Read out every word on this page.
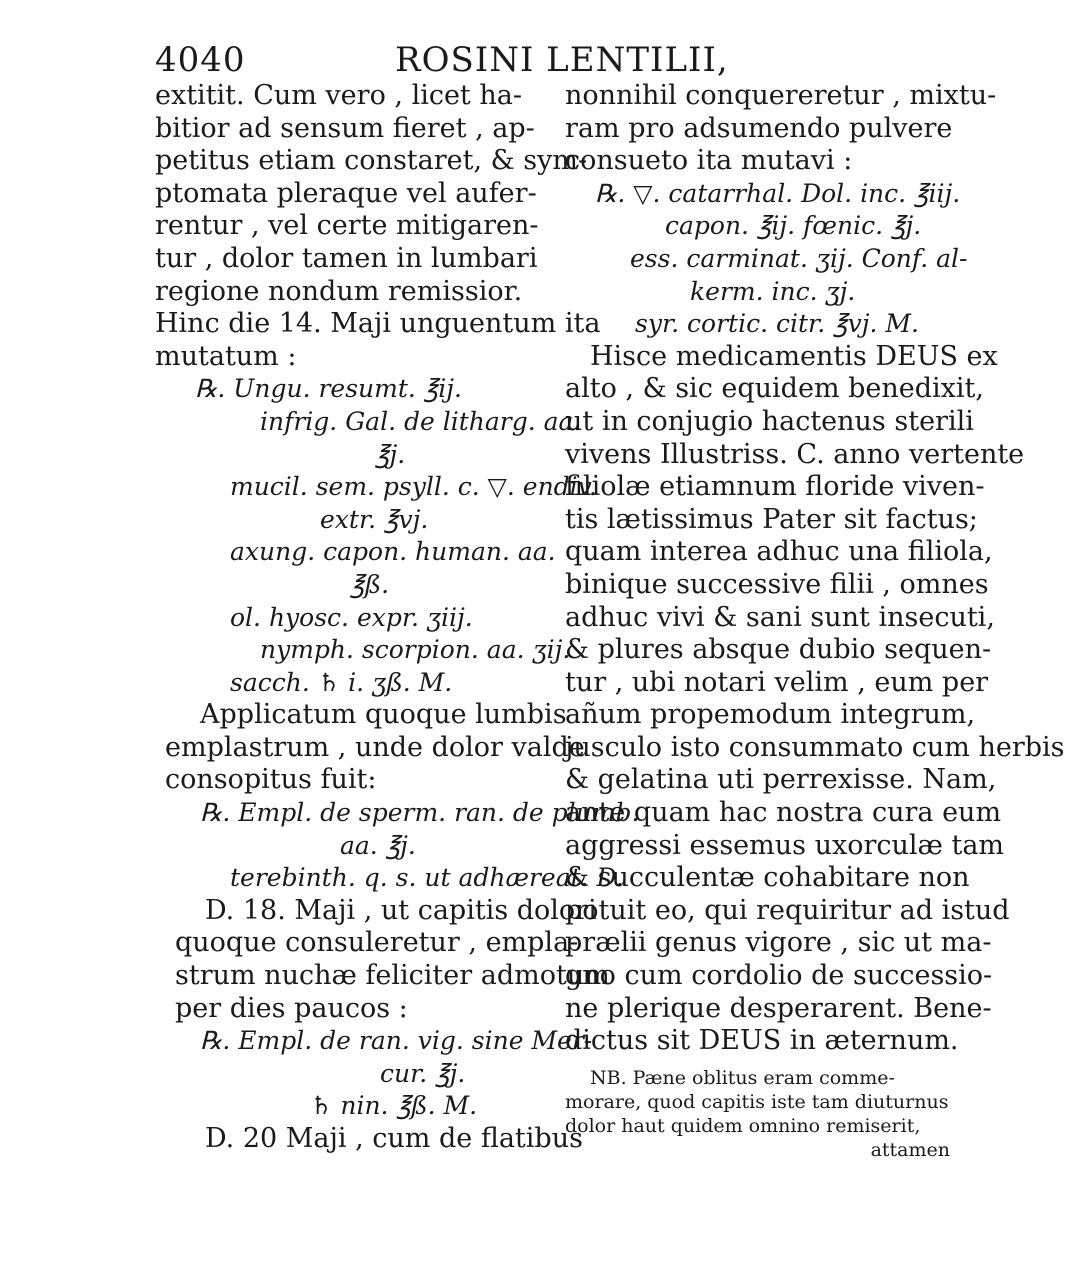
4040	ROSINI LENTILII,
extitit. Cum vero , licet ha-
bitior ad sensum fieret , ap-
petitus etiam constaret, & sym-
ptomata pleraque vel aufer-
rentur , vel certe mitigaren-
tur , dolor tamen in lumbari
regione nondum remissior.
Hinc die 14. Maji unguentum ita
mutatum :
℞. Ungu. resumt. ℥ij.
infrig. Gal. de litharg. aa.
℥j.
mucil. sem. psyll. c. ▽. endiv.
extr. ℥vj.
axung. capon. human. aa.
℥ß.
ol. hyosc. expr. ʒiij.
nymph. scorpion. aa. ʒij.
sacch. ♄ i. ʒß. M.
Applicatum quoque lumbis
emplastrum , unde dolor valde
consopitus fuit:
℞. Empl. de sperm. ran. de plumb.
aa. ℥j.
terebinth. q. s. ut adhæreat. D.
D. 18. Maji , ut capitis dolori
quoque consuleretur , empla-
strum nuchæ feliciter admotum
per dies paucos :
℞. Empl. de ran. vig. sine Mer-
cur. ℥j.
♄ nin. ℥ß. M.
D. 20 Maji , cum de flatibus
nonnihil conquereretur , mixtu-
ram pro adsumendo pulvere
consueto ita mutavi :
℞. ▽. catarrhal. Dol. inc. ℥iij.
capon. ℥ij. fœnic. ℥j.
ess. carminat. ʒij. Conf. al-
kerm. inc. ʒj.
syr. cortic. citr. ℥vj. M.
Hisce medicamentis DEUS ex
alto , & sic equidem benedixit,
ut in conjugio hactenus sterili
vivens Illustriss. C. anno vertente
filiolæ etiamnum floride viven-
tis lætissimus Pater sit factus;
quam interea adhuc una filiola,
binique successive filii , omnes
adhuc vivi & sani sunt insecuti,
& plures absque dubio sequen-
tur , ubi notari velim , eum per
añum propemodum integrum,
jusculo isto consummato cum herbis
& gelatina uti perrexisse. Nam,
ante quam hac nostra cura eum
aggressi essemus uxorculæ tam
& succulentæ cohabitare non
potuit eo, qui requiritur ad istud
prælii genus vigore , sic ut ma-
gno cum cordolio de successio-
ne plerique desperarent. Bene-
dictus sit DEUS in æternum.
NB. Pæne oblitus eram comme-
morare, quod capitis iste tam diuturnus
dolor haut quidem omnino remiserit,
attamen
